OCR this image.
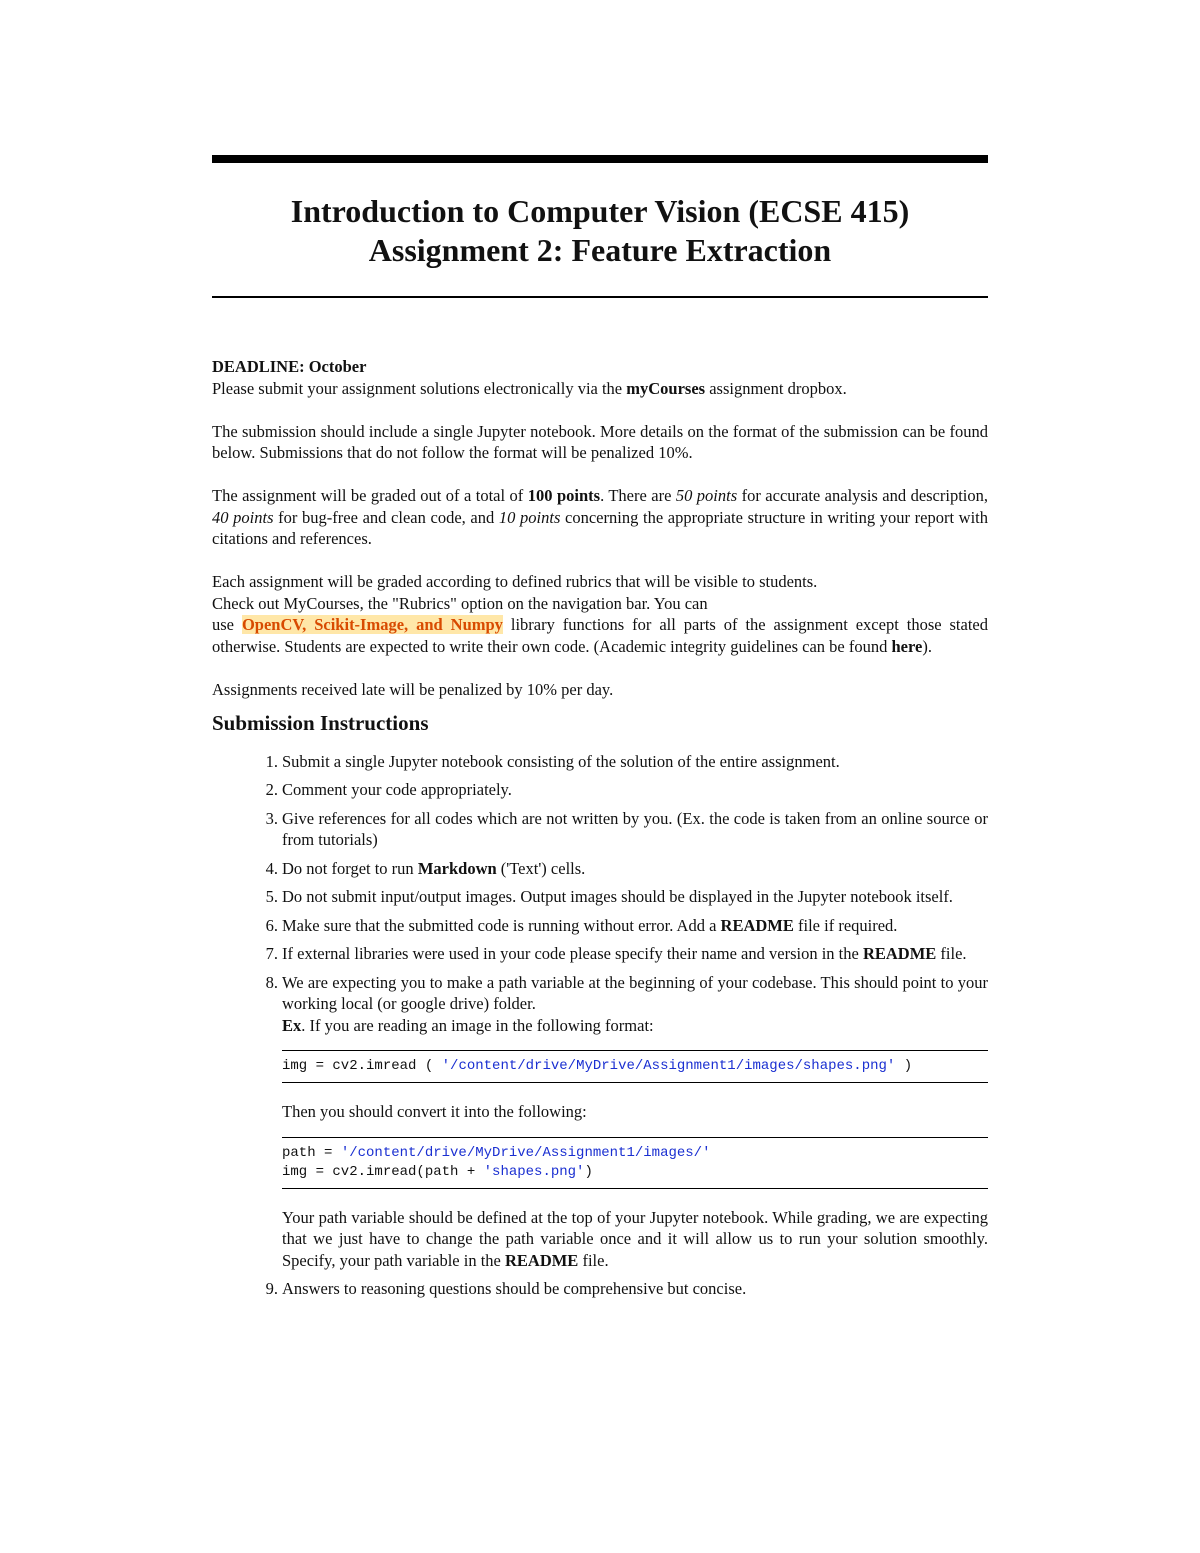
Introduction to Computer Vision (ECSE 415)
Assignment 2: Feature Extraction

DEADLINE: October

Please submit your assignment solutions electronically via the myCourses assignment dropbox.

The submission should include a single Jupyter notebook. More details on the format of the submission can be found below. Submissions that do not follow the format will be penalized 10%.

The assignment will be graded out of a total of 100 points. There are 50 points for accurate analysis and description, 40 points for bug-free and clean code, and 10 points concerning the appropriate structure in writing your report with citations and references.

Each assignment will be graded according to defined rubrics that will be visible to students.
Check out MyCourses, the "Rubrics" option on the navigation bar. You can
use OpenCV, Scikit-Image, and Numpy library functions for all parts of the assignment except those stated otherwise. Students are expected to write their own code. (Academic integrity guidelines can be found here).

Assignments received late will be penalized by 10% per day.

Submission Instructions
1. Submit a single Jupyter notebook consisting of the solution of the entire assignment.
2. Comment your code appropriately.
3. Give references for all codes which are not written by you. (Ex. the code is taken from an online source or from tutorials)
4. Do not forget to run Markdown ('Text') cells.
5. Do not submit input/output images. Output images should be displayed in the Jupyter notebook itself.
6. Make sure that the submitted code is running without error. Add a README file if required.
7. If external libraries were used in your code please specify their name and version in the README file.
8. We are expecting you to make a path variable at the beginning of your codebase. This should point to your working local (or google drive) folder.
Ex. If you are reading an image in the following format:
img = cv2.imread ( '/content/drive/MyDrive/Assignment1/images/shapes.png' )
Then you should convert it into the following:
path = '/content/drive/MyDrive/Assignment1/images/'
img = cv2.imread(path + 'shapes.png')
Your path variable should be defined at the top of your Jupyter notebook. While grading, we are expecting that we just have to change the path variable once and it will allow us to run your solution smoothly. Specify, your path variable in the README file.
9. Answers to reasoning questions should be comprehensive but concise.
